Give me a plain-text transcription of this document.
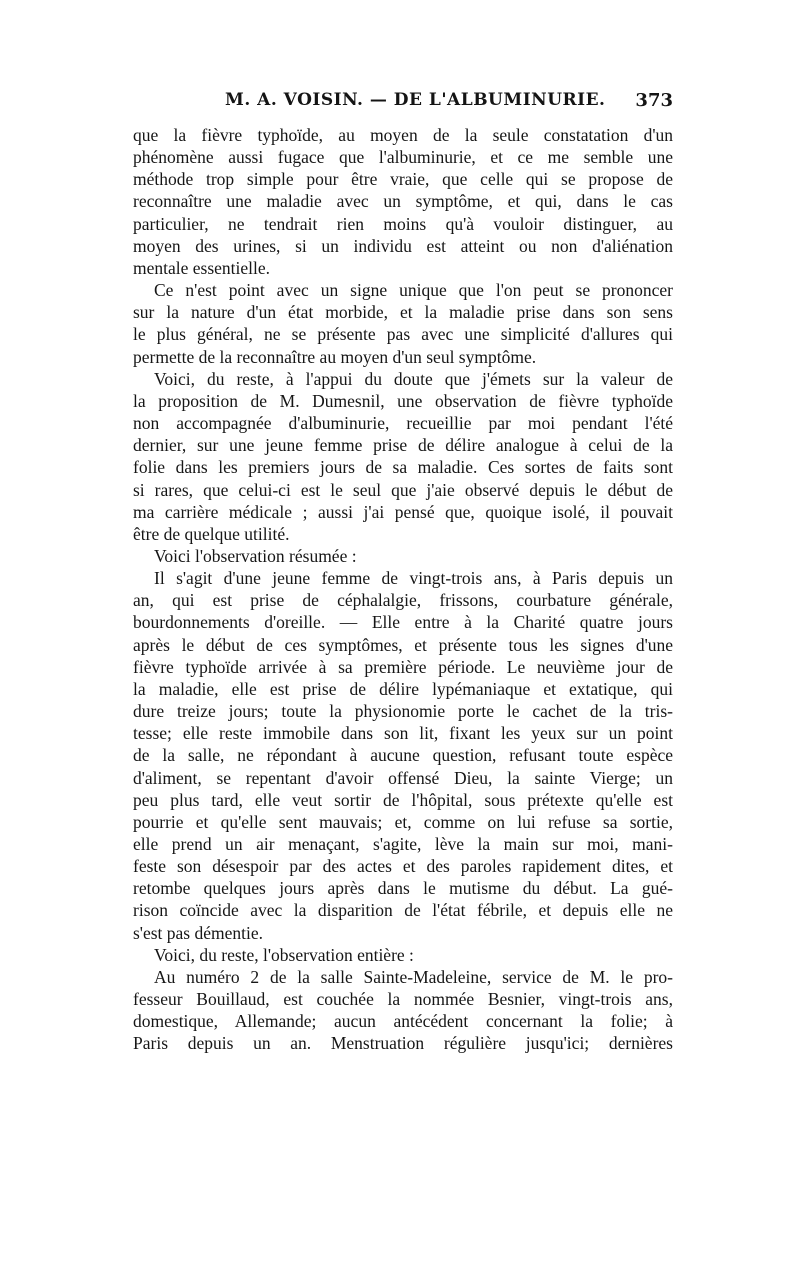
M. A. VOISIN. — DE L'ALBUMINURIE. 373

que la fièvre typhoïde, au moyen de la seule constatation d'un

phénomène aussi fugace que l'albuminurie, et ce me semble une

méthode trop simple pour être vraie, que celle qui se propose de

reconnaître une maladie avec un symptôme, et qui, dans le cas

particulier, ne tendrait rien moins qu'à vouloir distinguer, au

moyen des urines, si un individu est atteint ou non d'aliénation

mentale essentielle.

Ce n'est point avec un signe unique que l'on peut se prononcer

sur la nature d'un état morbide, et la maladie prise dans son sens

le plus général, ne se présente pas avec une simplicité d'allures qui

permette de la reconnaître au moyen d'un seul symptôme.

Voici, du reste, à l'appui du doute que j'émets sur la valeur de

la proposition de M. Dumesnil, une observation de fièvre typhoïde

non accompagnée d'albuminurie, recueillie par moi pendant l'été

dernier, sur une jeune femme prise de délire analogue à celui de la

folie dans les premiers jours de sa maladie. Ces sortes de faits sont

si rares, que celui-ci est le seul que j'aie observé depuis le début de

ma carrière médicale ; aussi j'ai pensé que, quoique isolé, il pouvait

être de quelque utilité.

Voici l'observation résumée :

Il s'agit d'une jeune femme de vingt-trois ans, à Paris depuis un

an, qui est prise de céphalalgie, frissons, courbature générale,

bourdonnements d'oreille. — Elle entre à la Charité quatre jours

après le début de ces symptômes, et présente tous les signes d'une

fièvre typhoïde arrivée à sa première période. Le neuvième jour de

la maladie, elle est prise de délire lypémaniaque et extatique, qui

dure treize jours; toute la physionomie porte le cachet de la tris-

tesse; elle reste immobile dans son lit, fixant les yeux sur un point

de la salle, ne répondant à aucune question, refusant toute espèce

d'aliment, se repentant d'avoir offensé Dieu, la sainte Vierge; un

peu plus tard, elle veut sortir de l'hôpital, sous prétexte qu'elle est

pourrie et qu'elle sent mauvais; et, comme on lui refuse sa sortie,

elle prend un air menaçant, s'agite, lève la main sur moi, mani-

feste son désespoir par des actes et des paroles rapidement dites, et

retombe quelques jours après dans le mutisme du début. La gué-

rison coïncide avec la disparition de l'état fébrile, et depuis elle ne

s'est pas démentie.

Voici, du reste, l'observation entière :

Au numéro 2 de la salle Sainte-Madeleine, service de M. le pro-

fesseur Bouillaud, est couchée la nommée Besnier, vingt-trois ans,

domestique, Allemande; aucun antécédent concernant la folie; à

Paris depuis un an. Menstruation régulière jusqu'ici; dernières
